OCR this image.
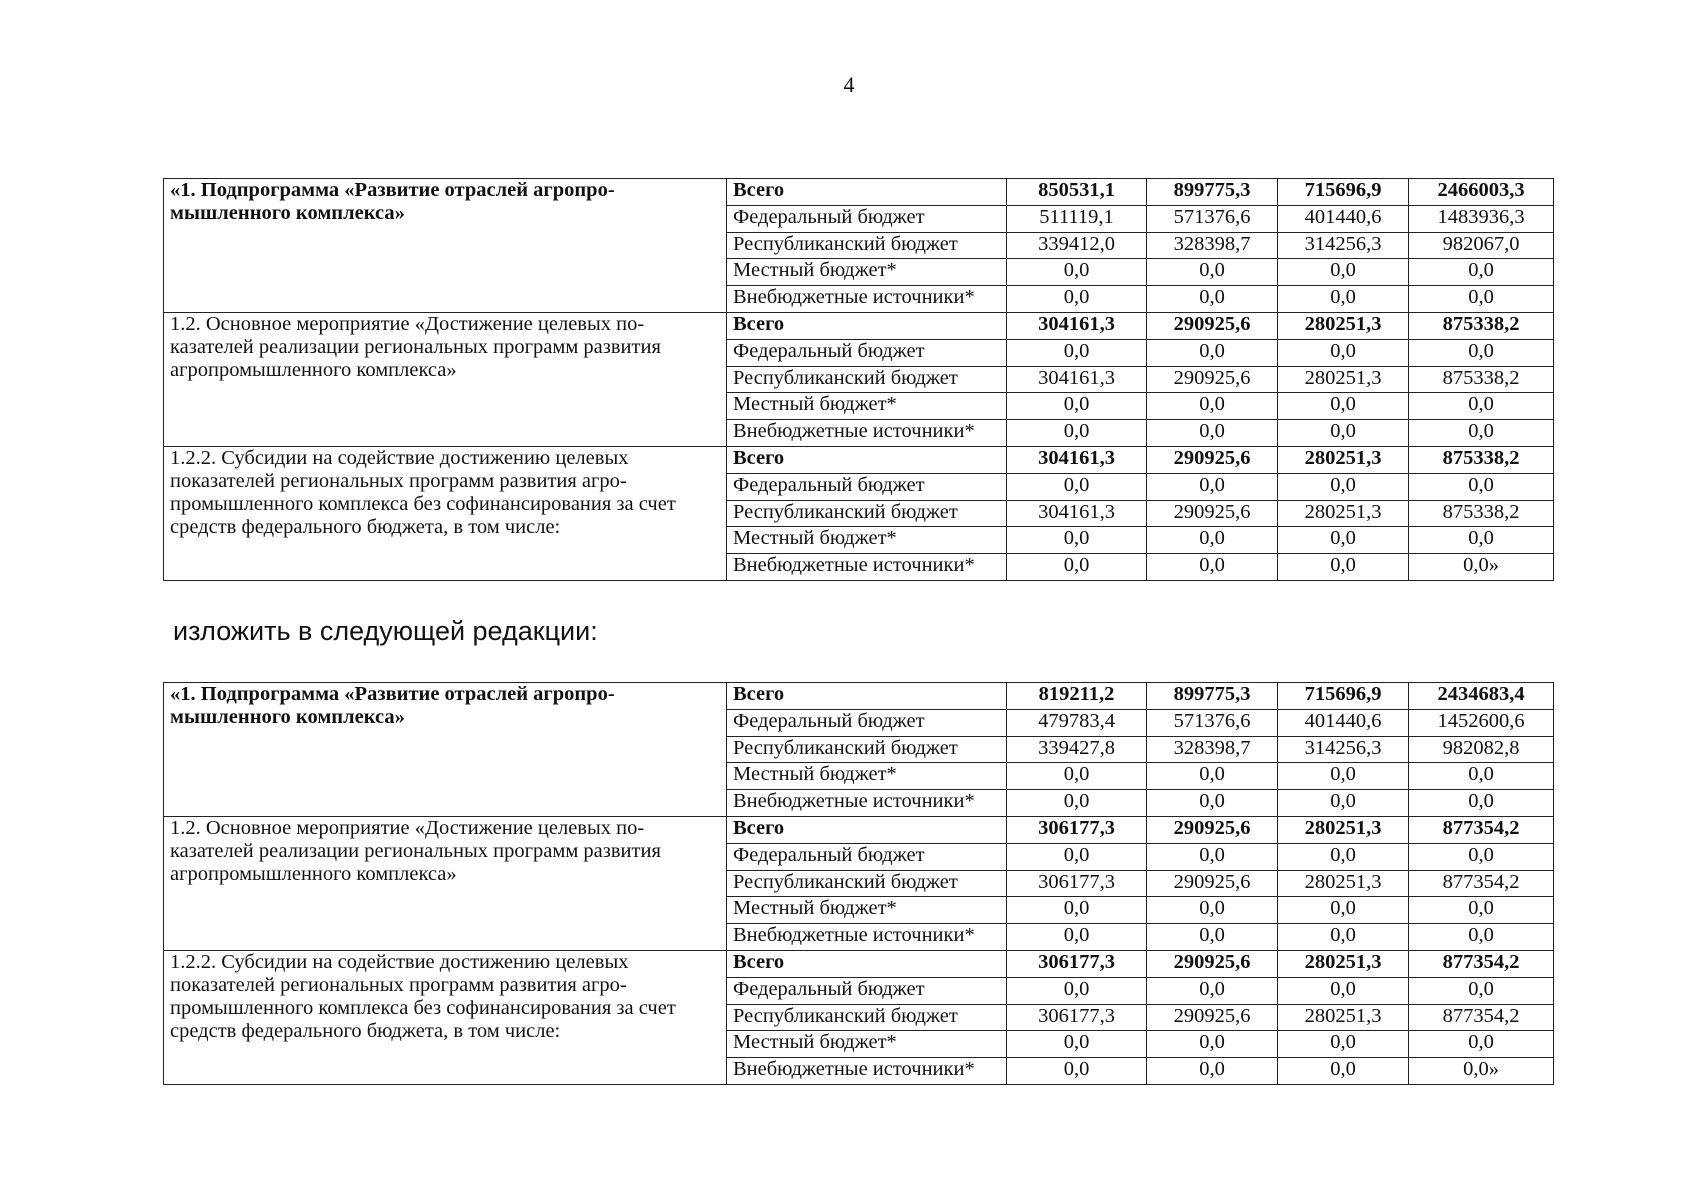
4
«1. Подпрограмма «Развитие отраслей агропро-мышленного комплекса»	Всего	850531,1	899775,3	715696,9	2466003,3
	Федеральный бюджет	511119,1	571376,6	401440,6	1483936,3
	Республиканский бюджет	339412,0	328398,7	314256,3	982067,0
	Местный бюджет*	0,0	0,0	0,0	0,0
	Внебюджетные источники*	0,0	0,0	0,0	0,0
1.2. Основное мероприятие «Достижение целевых по-казателей реализации региональных программ развития агропромышленного комплекса»	Всего	304161,3	290925,6	280251,3	875338,2
	Федеральный бюджет	0,0	0,0	0,0	0,0
	Республиканский бюджет	304161,3	290925,6	280251,3	875338,2
	Местный бюджет*	0,0	0,0	0,0	0,0
	Внебюджетные источники*	0,0	0,0	0,0	0,0
1.2.2. Субсидии на содействие достижению целевых показателей региональных программ развития агро-промышленного комплекса без софинансирования за счет средств федерального бюджета, в том числе:	Всего	304161,3	290925,6	280251,3	875338,2
	Федеральный бюджет	0,0	0,0	0,0	0,0
	Республиканский бюджет	304161,3	290925,6	280251,3	875338,2
	Местный бюджет*	0,0	0,0	0,0	0,0
	Внебюджетные источники*	0,0	0,0	0,0	0,0»
изложить в следующей редакции:
«1. Подпрограмма «Развитие отраслей агропро-мышленного комплекса»	Всего	819211,2	899775,3	715696,9	2434683,4
	Федеральный бюджет	479783,4	571376,6	401440,6	1452600,6
	Республиканский бюджет	339427,8	328398,7	314256,3	982082,8
	Местный бюджет*	0,0	0,0	0,0	0,0
	Внебюджетные источники*	0,0	0,0	0,0	0,0
1.2. Основное мероприятие «Достижение целевых по-казателей реализации региональных программ развития агропромышленного комплекса»	Всего	306177,3	290925,6	280251,3	877354,2
	Федеральный бюджет	0,0	0,0	0,0	0,0
	Республиканский бюджет	306177,3	290925,6	280251,3	877354,2
	Местный бюджет*	0,0	0,0	0,0	0,0
	Внебюджетные источники*	0,0	0,0	0,0	0,0
1.2.2. Субсидии на содействие достижению целевых показателей региональных программ развития агро-промышленного комплекса без софинансирования за счет средств федерального бюджета, в том числе:	Всего	306177,3	290925,6	280251,3	877354,2
	Федеральный бюджет	0,0	0,0	0,0	0,0
	Республиканский бюджет	306177,3	290925,6	280251,3	877354,2
	Местный бюджет*	0,0	0,0	0,0	0,0
	Внебюджетные источники*	0,0	0,0	0,0	0,0»
